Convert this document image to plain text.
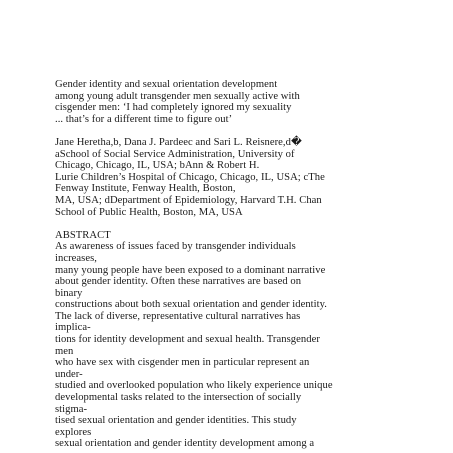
Gender identity and sexual orientation development
among young adult transgender men sexually active with
cisgender men: ‘I had completely ignored my sexuality
... that’s for a different time to figure out’
Jane Heretha,b, Dana J. Pardeec and Sari L. Reisnere,d�
aSchool of Social Service Administration, University of
Chicago, Chicago, IL, USA; bAnn & Robert H.
Lurie Children’s Hospital of Chicago, Chicago, IL, USA; cThe
Fenway Institute, Fenway Health, Boston,
MA, USA; dDepartment of Epidemiology, Harvard T.H. Chan
School of Public Health, Boston, MA, USA
ABSTRACT
As awareness of issues faced by transgender individuals
increases,
many young people have been exposed to a dominant narrative
about gender identity. Often these narratives are based on
binary
constructions about both sexual orientation and gender identity.
The lack of diverse, representative cultural narratives has
implica-
tions for identity development and sexual health. Transgender
men
who have sex with cisgender men in particular represent an
under-
studied and overlooked population who likely experience unique
developmental tasks related to the intersection of socially
stigma-
tised sexual orientation and gender identities. This study
explores
sexual orientation and gender identity development among a
